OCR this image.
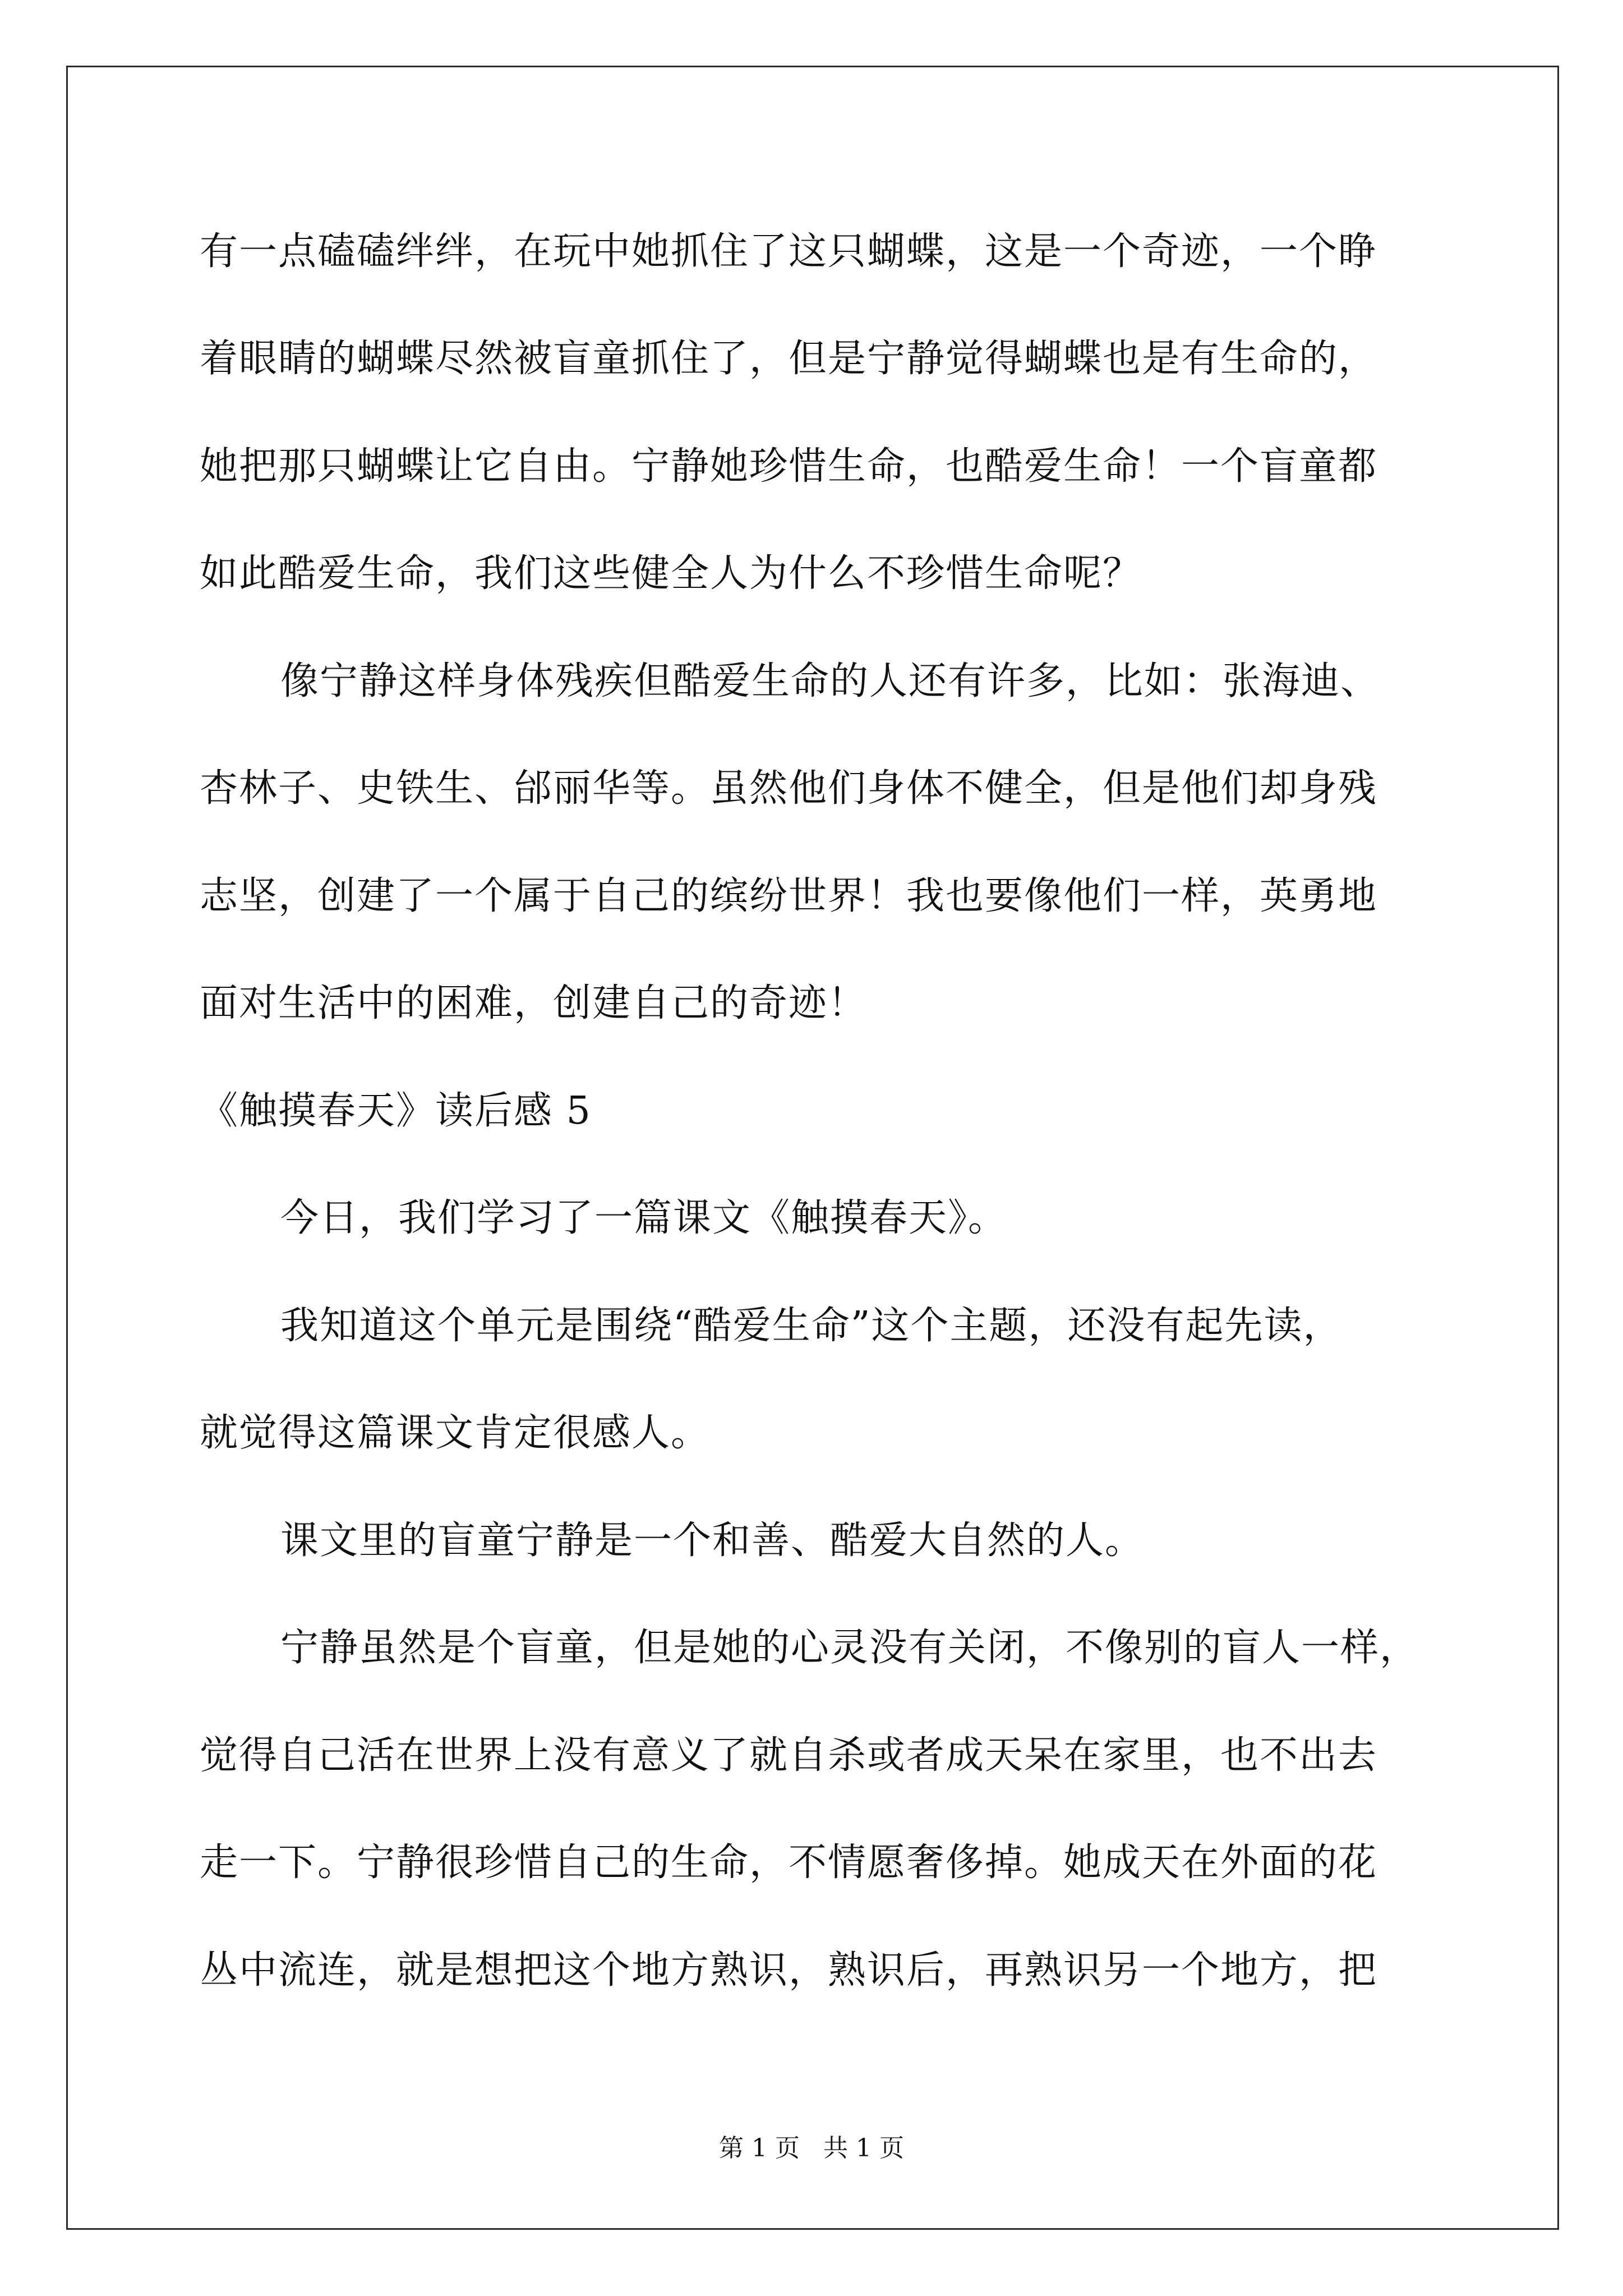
有一点磕磕绊绊，在玩中她抓住了这只蝴蝶，这是一个奇迹，一个睁
着眼睛的蝴蝶尽然被盲童抓住了，但是宁静觉得蝴蝶也是有生命的，
她把那只蝴蝶让它自由。宁静她珍惜生命，也酷爱生命！一个盲童都
如此酷爱生命，我们这些健全人为什么不珍惜生命呢？
像宁静这样身体残疾但酷爱生命的人还有许多，比如：张海迪、
杏林子、史铁生、邰丽华等。虽然他们身体不健全，但是他们却身残
志坚，创建了一个属于自己的缤纷世界！我也要像他们一样，英勇地
面对生活中的困难，创建自己的奇迹！
《触摸春天》读后感 5
今日，我们学习了一篇课文《触摸春天》。
我知道这个单元是围绕“酷爱生命”这个主题，还没有起先读，
就觉得这篇课文肯定很感人。
课文里的盲童宁静是一个和善、酷爱大自然的人。
宁静虽然是个盲童，但是她的心灵没有关闭，不像别的盲人一样，
觉得自己活在世界上没有意义了就自杀或者成天呆在家里，也不出去
走一下。宁静很珍惜自己的生命，不情愿奢侈掉。她成天在外面的花
丛中流连，就是想把这个地方熟识，熟识后，再熟识另一个地方，把
第 1 页   共 1 页
